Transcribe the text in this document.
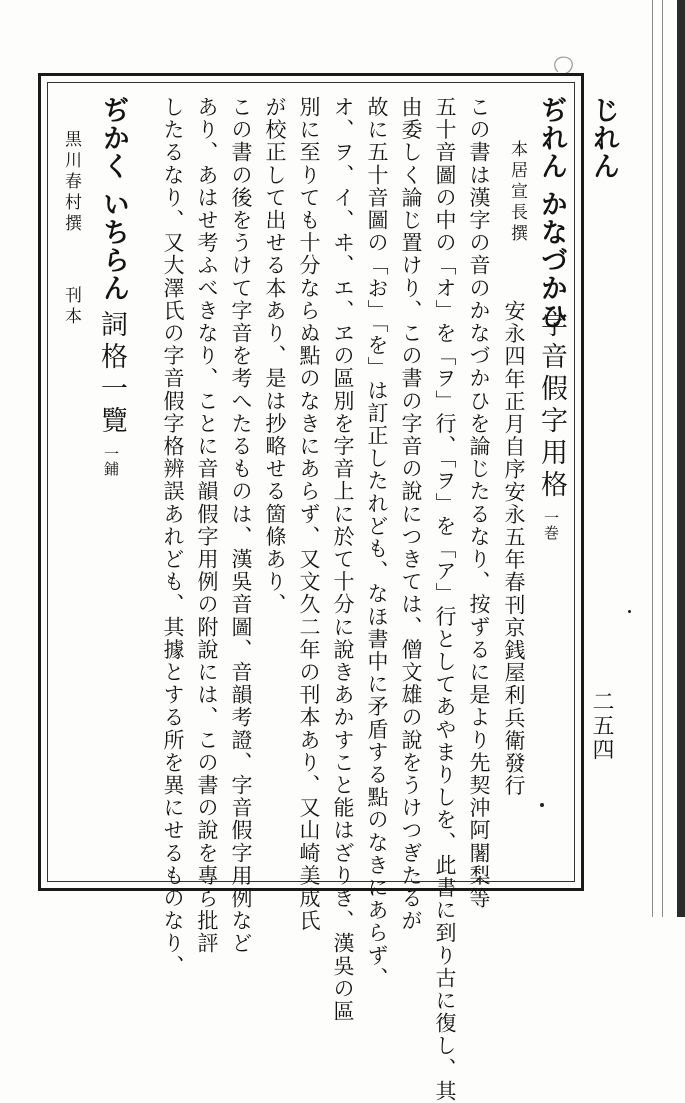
じれん
二五四
ぢれん かなづかひ
本居宣長撰
字音假字用格一巻
安永四年正月自序安永五年春刊京銭屋利兵衛發行
この書は漢字の音のかなづかひを論じたるなり、按ずるに是より先契沖阿闍梨等
五十音圖の中の「オ」を「ヲ」行、「ヲ」を「ア」行としてあやまりしを、此書に到り古に復し、其
由委しく論じ置けり、この書の字音の說につきては、僧文雄の說をうけつぎたるが
故に五十音圖の「お」「を」は訂正したれども、なほ書中に矛盾する點のなきにあらず、
オ、ヲ、イ、ヰ、エ、ヱの區別を字音上に於て十分に說きあかすこと能はざりき、漢吳の區
別に至りても十分ならぬ點のなきにあらず、又文久二年の刊本あり、又山崎美成氏
が校正して出せる本あり、是は抄略せる箇條あり、
この書の後をうけて字音を考へたるものは、漢吳音圖、音韻考證、字音假字用例など
あり、あはせ考ふべきなり、ことに音韻假字用例の附說には、この書の說を專ら批評
したるなり、又大澤氏の字音假字格辨誤あれども、其據とする所を異にせるものなり、
ぢかく いちらん
詞格一覽一鋪
黒川春村撰
刊本
